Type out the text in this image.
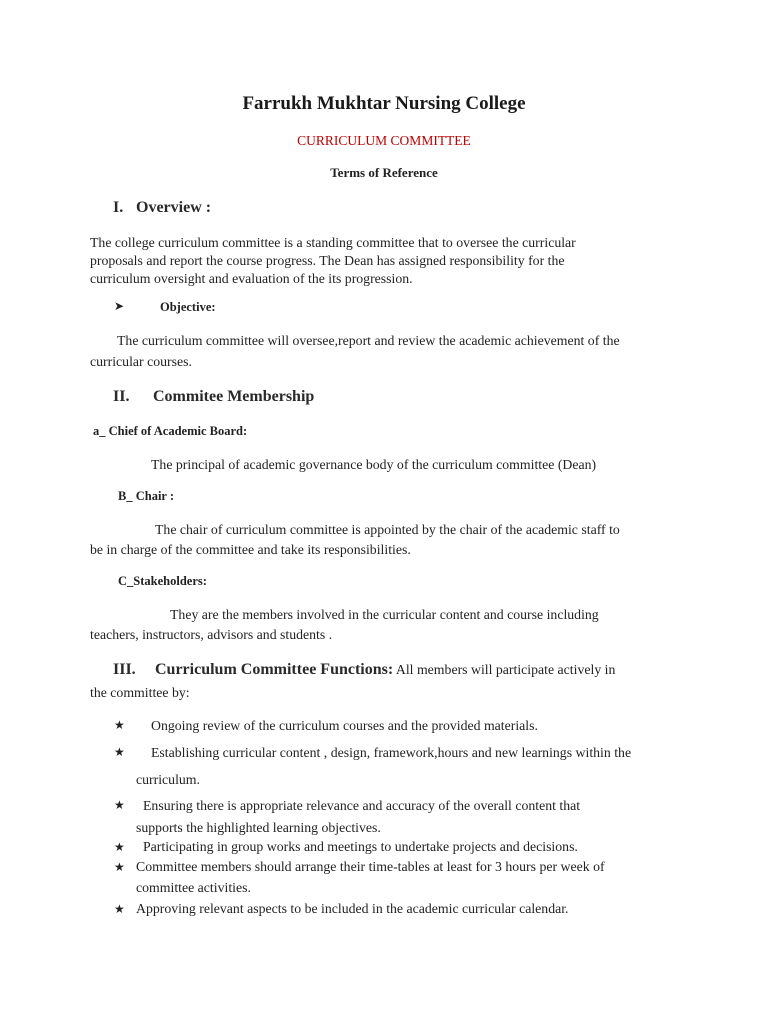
Farrukh Mukhtar Nursing College
CURRICULUM COMMITTEE
Terms of Reference
I. Overview :
The college curriculum committee is a standing committee that to oversee the curricular
proposals and report the course progress. The Dean has assigned responsibility for the
curriculum oversight and evaluation of the its progression.
➤	Objective:
The curriculum committee will oversee,report and review the academic achievement of the
curricular courses.
II. Commitee Membership
a_ Chief of Academic Board:
The principal of academic governance body of the curriculum committee (Dean)
B_ Chair :
The chair of curriculum committee is appointed by the chair of the academic staff to
be in charge of the committee and take its responsibilities.
C_Stakeholders:
They are the members involved in the curricular content and course including
teachers, instructors, advisors and students .
III. Curriculum Committee Functions: All members will participate actively in
the committee by:
★ Ongoing review of the curriculum courses and the provided materials.
★ Establishing curricular content , design, framework,hours and new learnings within the
curriculum.
★ Ensuring there is appropriate relevance and accuracy of the overall content that
supports the highlighted learning objectives.
★ Participating in group works and meetings to undertake projects and decisions.
★ Committee members should arrange their time-tables at least for 3 hours per week of
committee activities.
★ Approving relevant aspects to be included in the academic curricular calendar.
